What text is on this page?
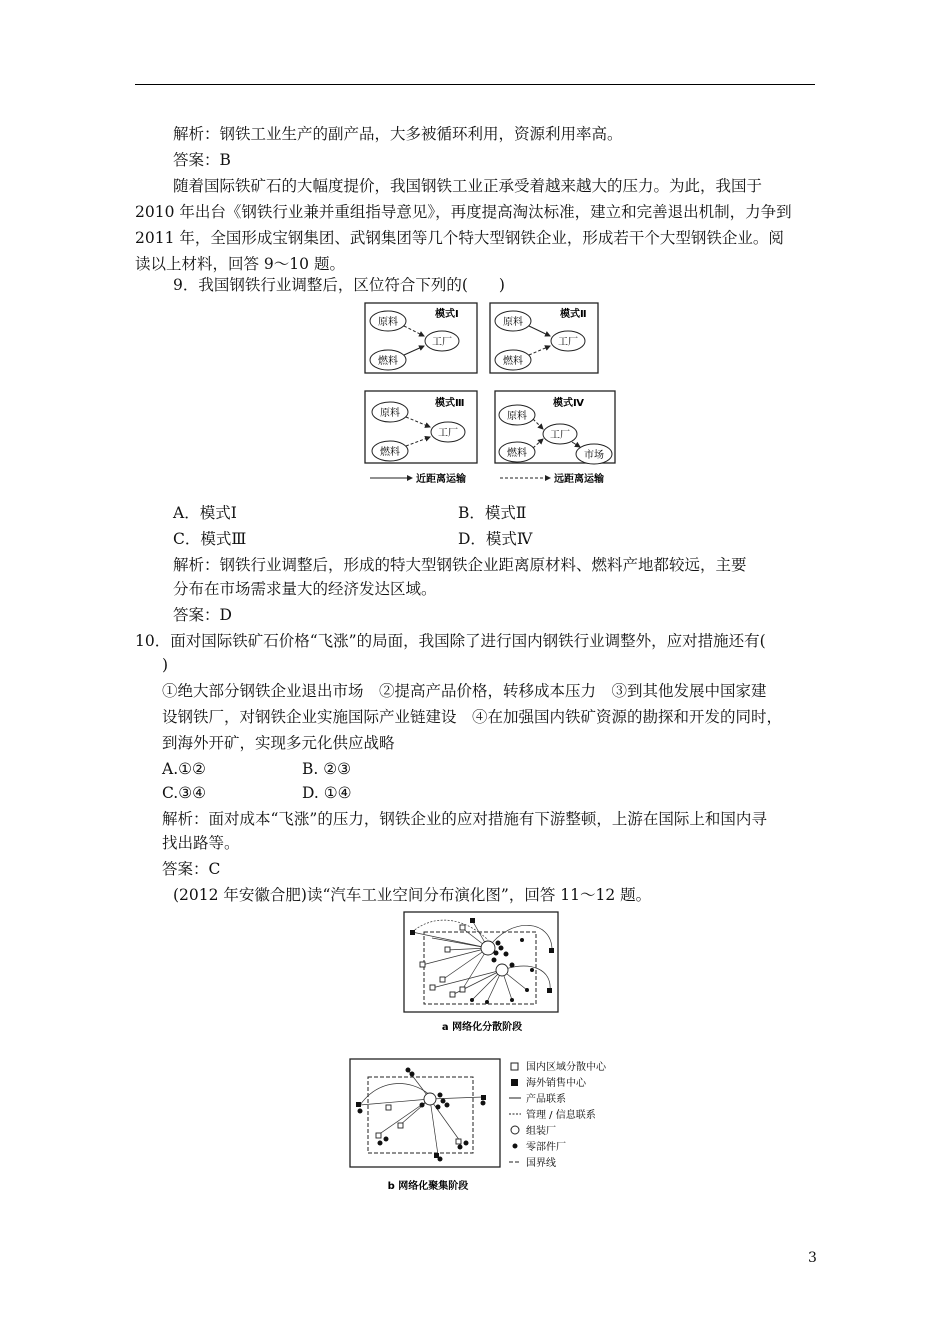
解析：钢铁工业生产的副产品，大多被循环利用，资源利用率高。
答案：B
随着国际铁矿石的大幅度提价，我国钢铁工业正承受着越来越大的压力。为此，我国于
2010 年出台《钢铁行业兼并重组指导意见》，再度提高淘汰标准，建立和完善退出机制，力争到
2011 年，全国形成宝钢集团、武钢集团等几个特大型钢铁企业，形成若干个大型钢铁企业。阅
读以上材料，回答 9～10 题。
9．我国钢铁行业调整后，区位符合下列的(　　)
模式Ⅰ
原料
燃料
工厂
模式Ⅱ
原料
燃料
工厂
模式Ⅲ
原料
燃料
工厂
模式Ⅳ
原料
燃料
工厂
市场
近距离运输	远距离运输
A．模式Ⅰ	B．模式Ⅱ
C．模式Ⅲ	D．模式Ⅳ
解析：钢铁行业调整后，形成的特大型钢铁企业距离原材料、燃料产地都较远，主要
分布在市场需求量大的经济发达区域。
答案：D
10．面对国际铁矿石价格“飞涨”的局面，我国除了进行国内钢铁行业调整外，应对措施还有(
)
①绝大部分钢铁企业退出市场　②提高产品价格，转移成本压力　③到其他发展中国家建
设钢铁厂，对钢铁企业实施国际产业链建设　④在加强国内铁矿资源的勘探和开发的同时，
到海外开矿，实现多元化供应战略
A.①②	B. ②③
C.③④	D. ①④
解析：面对成本“飞涨”的压力，钢铁企业的应对措施有下游整顿，上游在国际上和国内寻
找出路等。
答案：C
(2012 年安徽合肥)读“汽车工业空间分布演化图”，回答 11～12 题。
a 网络化分散阶段
国内区域分散中心
海外销售中心
产品联系
管理 / 信息联系
组装厂
零部件厂
国界线
b 网络化聚集阶段
3
